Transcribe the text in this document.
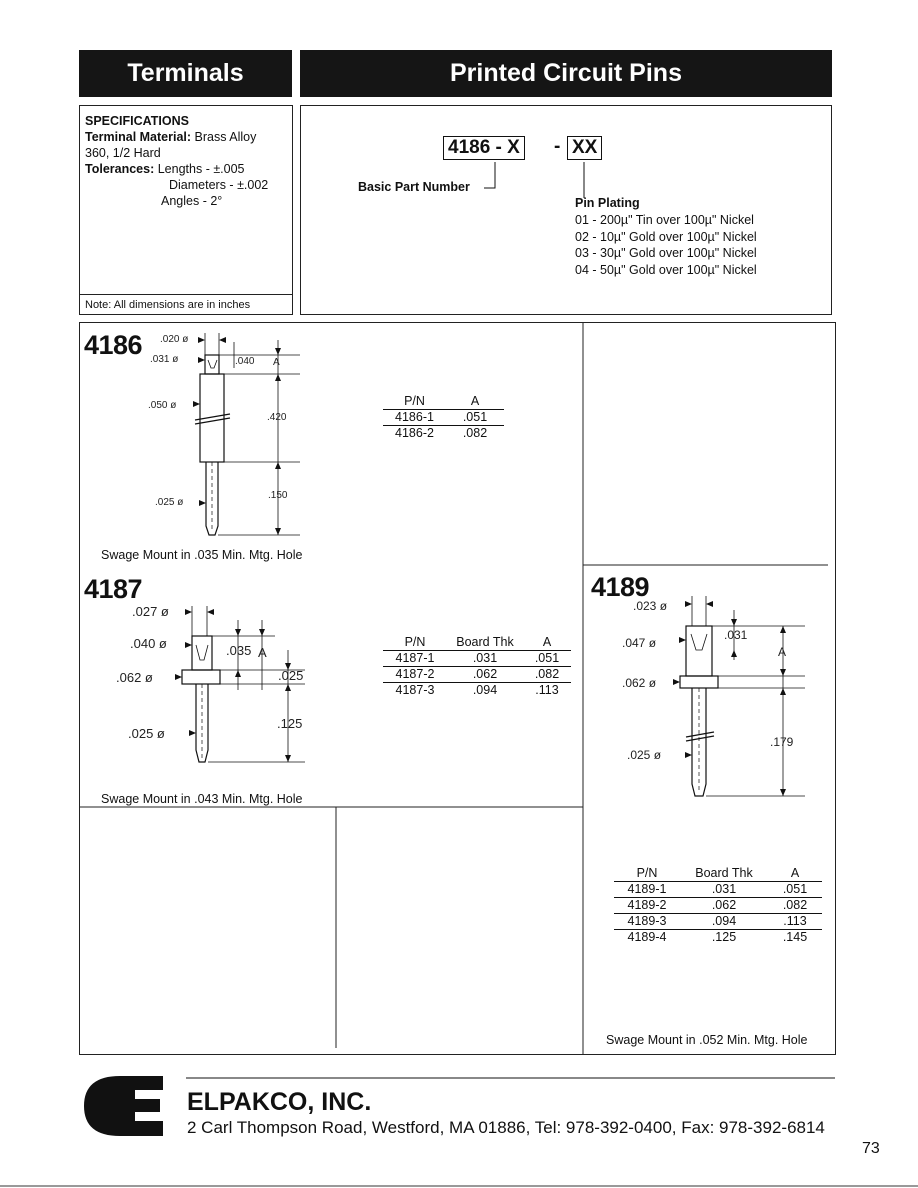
Terminals	Printed Circuit Pins
SPECIFICATIONS
Terminal Material: Brass Alloy
360, 1/2 Hard
Tolerances: Lengths - ±.005
Diameters - ±.002
Angles - 2°
Note: All dimensions are in inches
4186 - X - XX
Basic Part Number
Pin Plating
01 - 200µ" Tin over 100µ" Nickel
02 - 10µ" Gold over 100µ" Nickel
03 - 30µ" Gold over 100µ" Nickel
04 - 50µ" Gold over 100µ" Nickel
4186 .020 ø
.031 ø	.040 A
.050 ø
.420
.025 ø
.150
P/N	A
4186-1	.051
4186-2	.082
Swage Mount in .035 Min. Mtg. Hole
4187
.027 ø
.040 ø	.035 A
.062 ø	.025
.025 ø
.125
P/N	Board Thk	A
4187-1	.031	.051
4187-2	.062	.082
4187-3	.094	.113
Swage Mount in .043 Min. Mtg. Hole
4189
.023 ø
.047 ø
.031
A
.062 ø
.025 ø
.179
P/N	Board Thk	A
4189-1	.031	.051
4189-2	.062	.082
4189-3	.094	.113
4189-4	.125	.145
Swage Mount in .052 Min. Mtg. Hole
ELPAKCO, INC.
2 Carl Thompson Road, Westford, MA 01886, Tel: 978-392-0400, Fax: 978-392-6814
73
